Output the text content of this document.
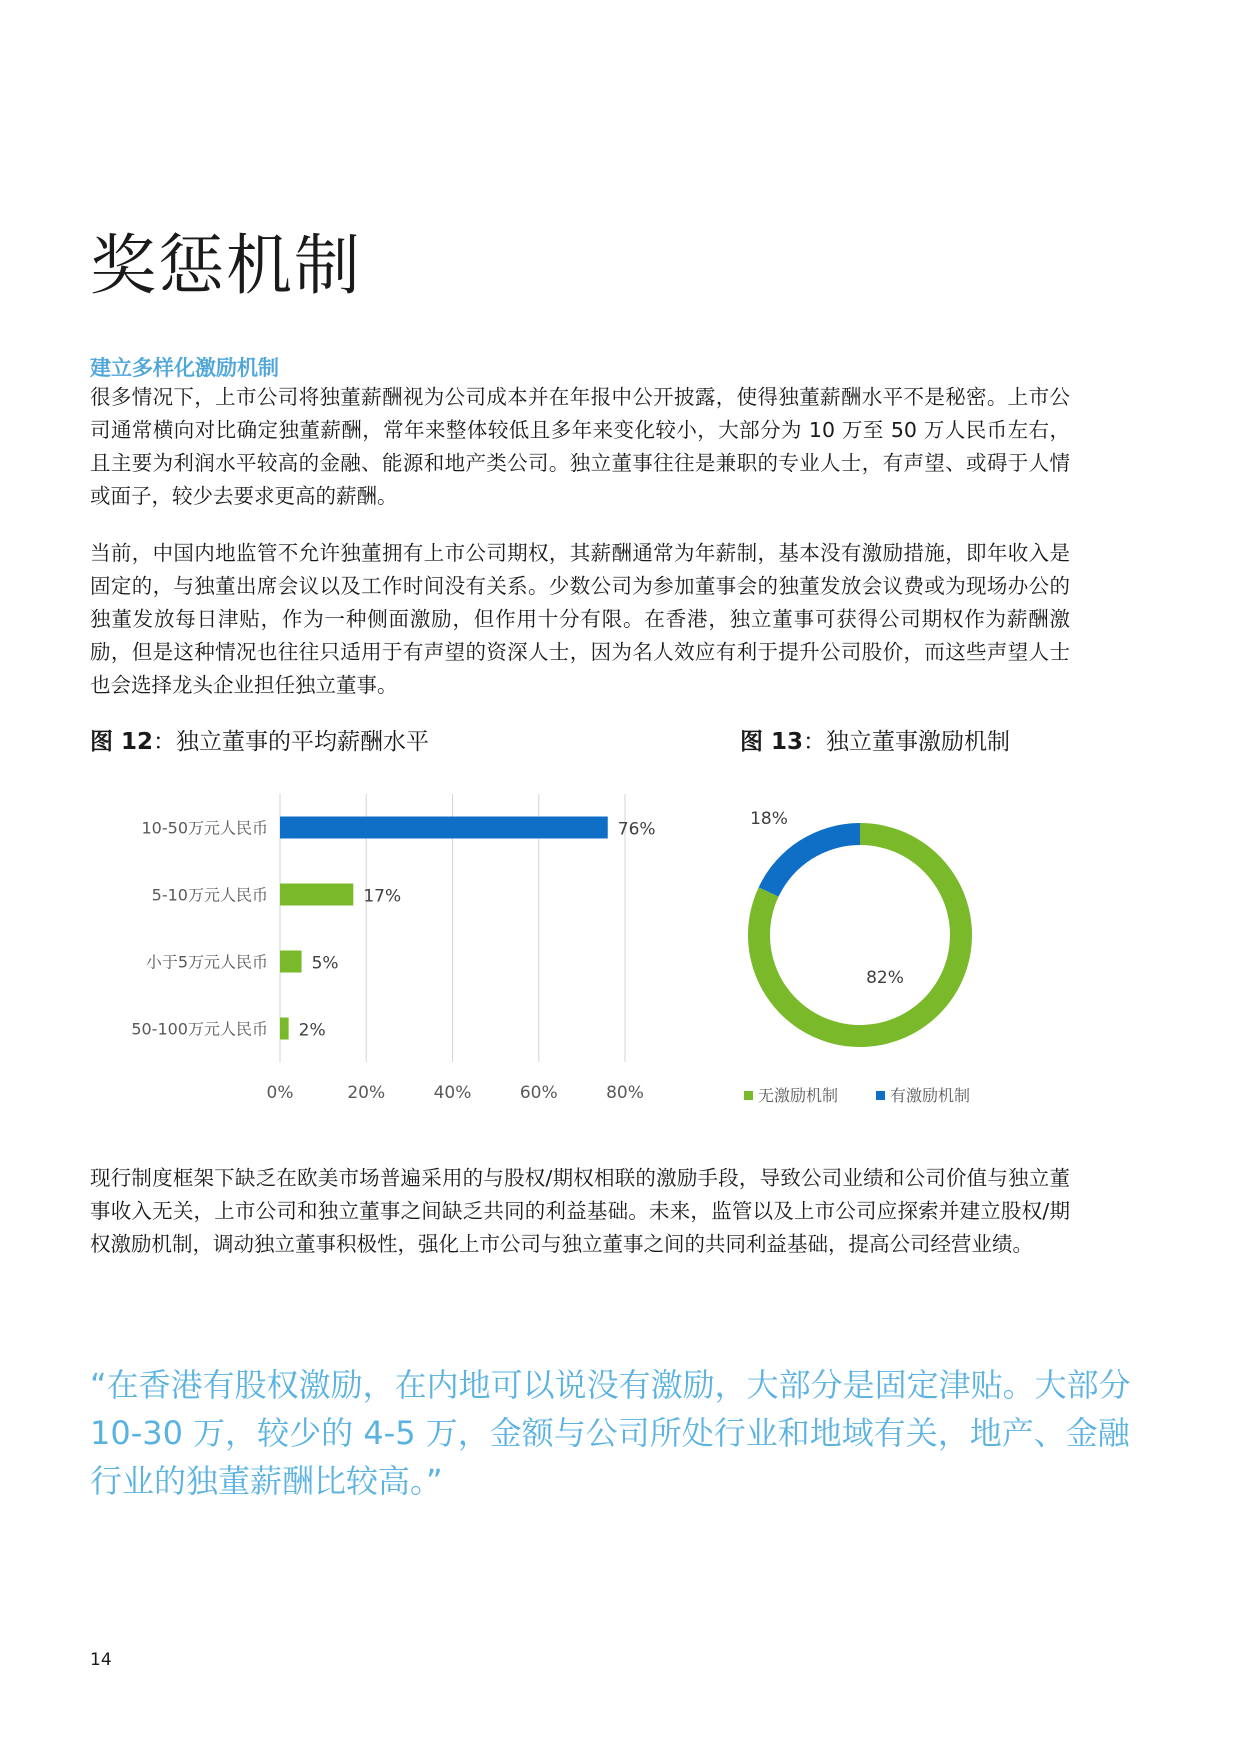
奖惩机制
建立多样化激励机制

很多情况下，上市公司将独董薪酬视为公司成本并在年报中公开披露，使得独董薪酬水平不是秘密。上市公司通常横向对比确定独董薪酬，常年来整体较低且多年来变化较小，大部分为 10 万至 50 万人民币左右，且主要为利润水平较高的金融、能源和地产类公司。独立董事往往是兼职的专业人士，有声望、或碍于人情或面子，较少去要求更高的薪酬。

当前，中国内地监管不允许独董拥有上市公司期权，其薪酬通常为年薪制，基本没有激励措施，即年收入是固定的，与独董出席会议以及工作时间没有关系。少数公司为参加董事会的独董发放会议费或为现场办公的独董发放每日津贴，作为一种侧面激励，但作用十分有限。在香港，独立董事可获得公司期权作为薪酬激励，但是这种情况也往往只适用于有声望的资深人士，因为名人效应有利于提升公司股价，而这些声望人士也会选择龙头企业担任独立董事。

图 12：独立董事的平均薪酬水平	图 13：独立董事激励机制
0%	20%	40%	60%	80%
10-50万元人民币	76%
5-10万元人民币	17%
小于5万元人民币	5%
50-100万元人民币 2%
82%
18%
无激励机制	有激励机制

现行制度框架下缺乏在欧美市场普遍采用的与股权/期权相联的激励手段，导致公司业绩和公司价值与独立董事收入无关，上市公司和独立董事之间缺乏共同的利益基础。未来，监管以及上市公司应探索并建立股权/期权激励机制，调动独立董事积极性，强化上市公司与独立董事之间的共同利益基础，提高公司经营业绩。

“在香港有股权激励，在内地可以说没有激励，大部分是固定津贴。大部分 10-30 万，较少的 4-5 万，金额与公司所处行业和地域有关，地产、金融行业的独董薪酬比较高。”

14
